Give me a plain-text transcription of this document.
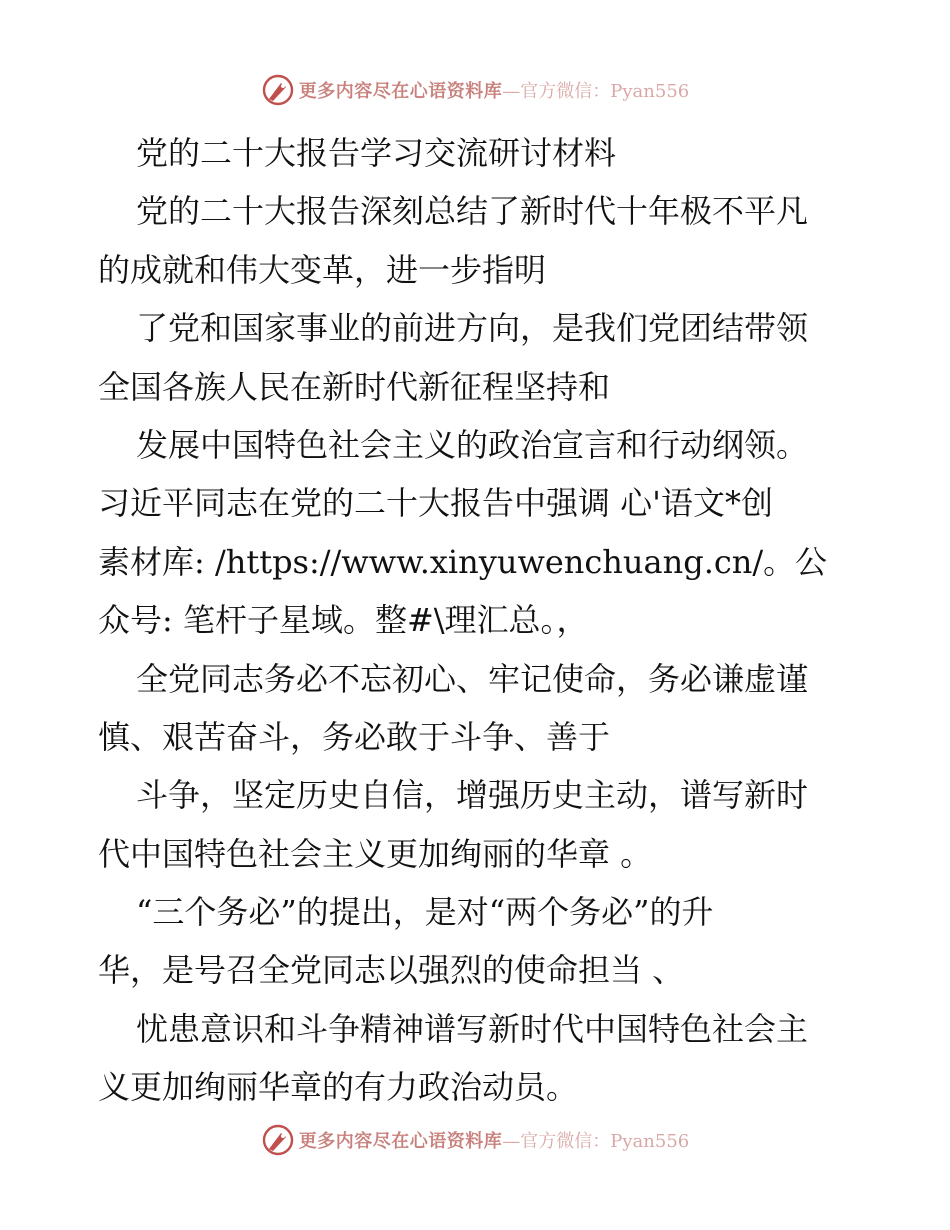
更多内容尽在心语资料库 —官方微信：Pyan556
党的二十大报告学习交流研讨材料
党的二十大报告深刻总结了新时代十年极不平凡
的成就和伟大变革，进一步指明
了党和国家事业的前进方向，是我们党团结带领
全国各族人民在新时代新征程坚持和
发展中国特色社会主义的政治宣言和行动纲领。
习近平同志在党的二十大报告中强调 心'语文*创
素材库: /https://www.xinyuwenchuang.cn/。公
众号: 笔杆子星域。整#\理汇总。，
全党同志务必不忘初心、牢记使命，务必谦虚谨
慎、艰苦奋斗，务必敢于斗争、善于
斗争，坚定历史自信，增强历史主动，谱写新时
代中国特色社会主义更加绚丽的华章 。
“三个务必”的提出，是对“两个务必”的升
华，是号召全党同志以强烈的使命担当 、
忧患意识和斗争精神谱写新时代中国特色社会主
义更加绚丽华章的有力政治动员。
更多内容尽在心语资料库 —官方微信：Pyan556
